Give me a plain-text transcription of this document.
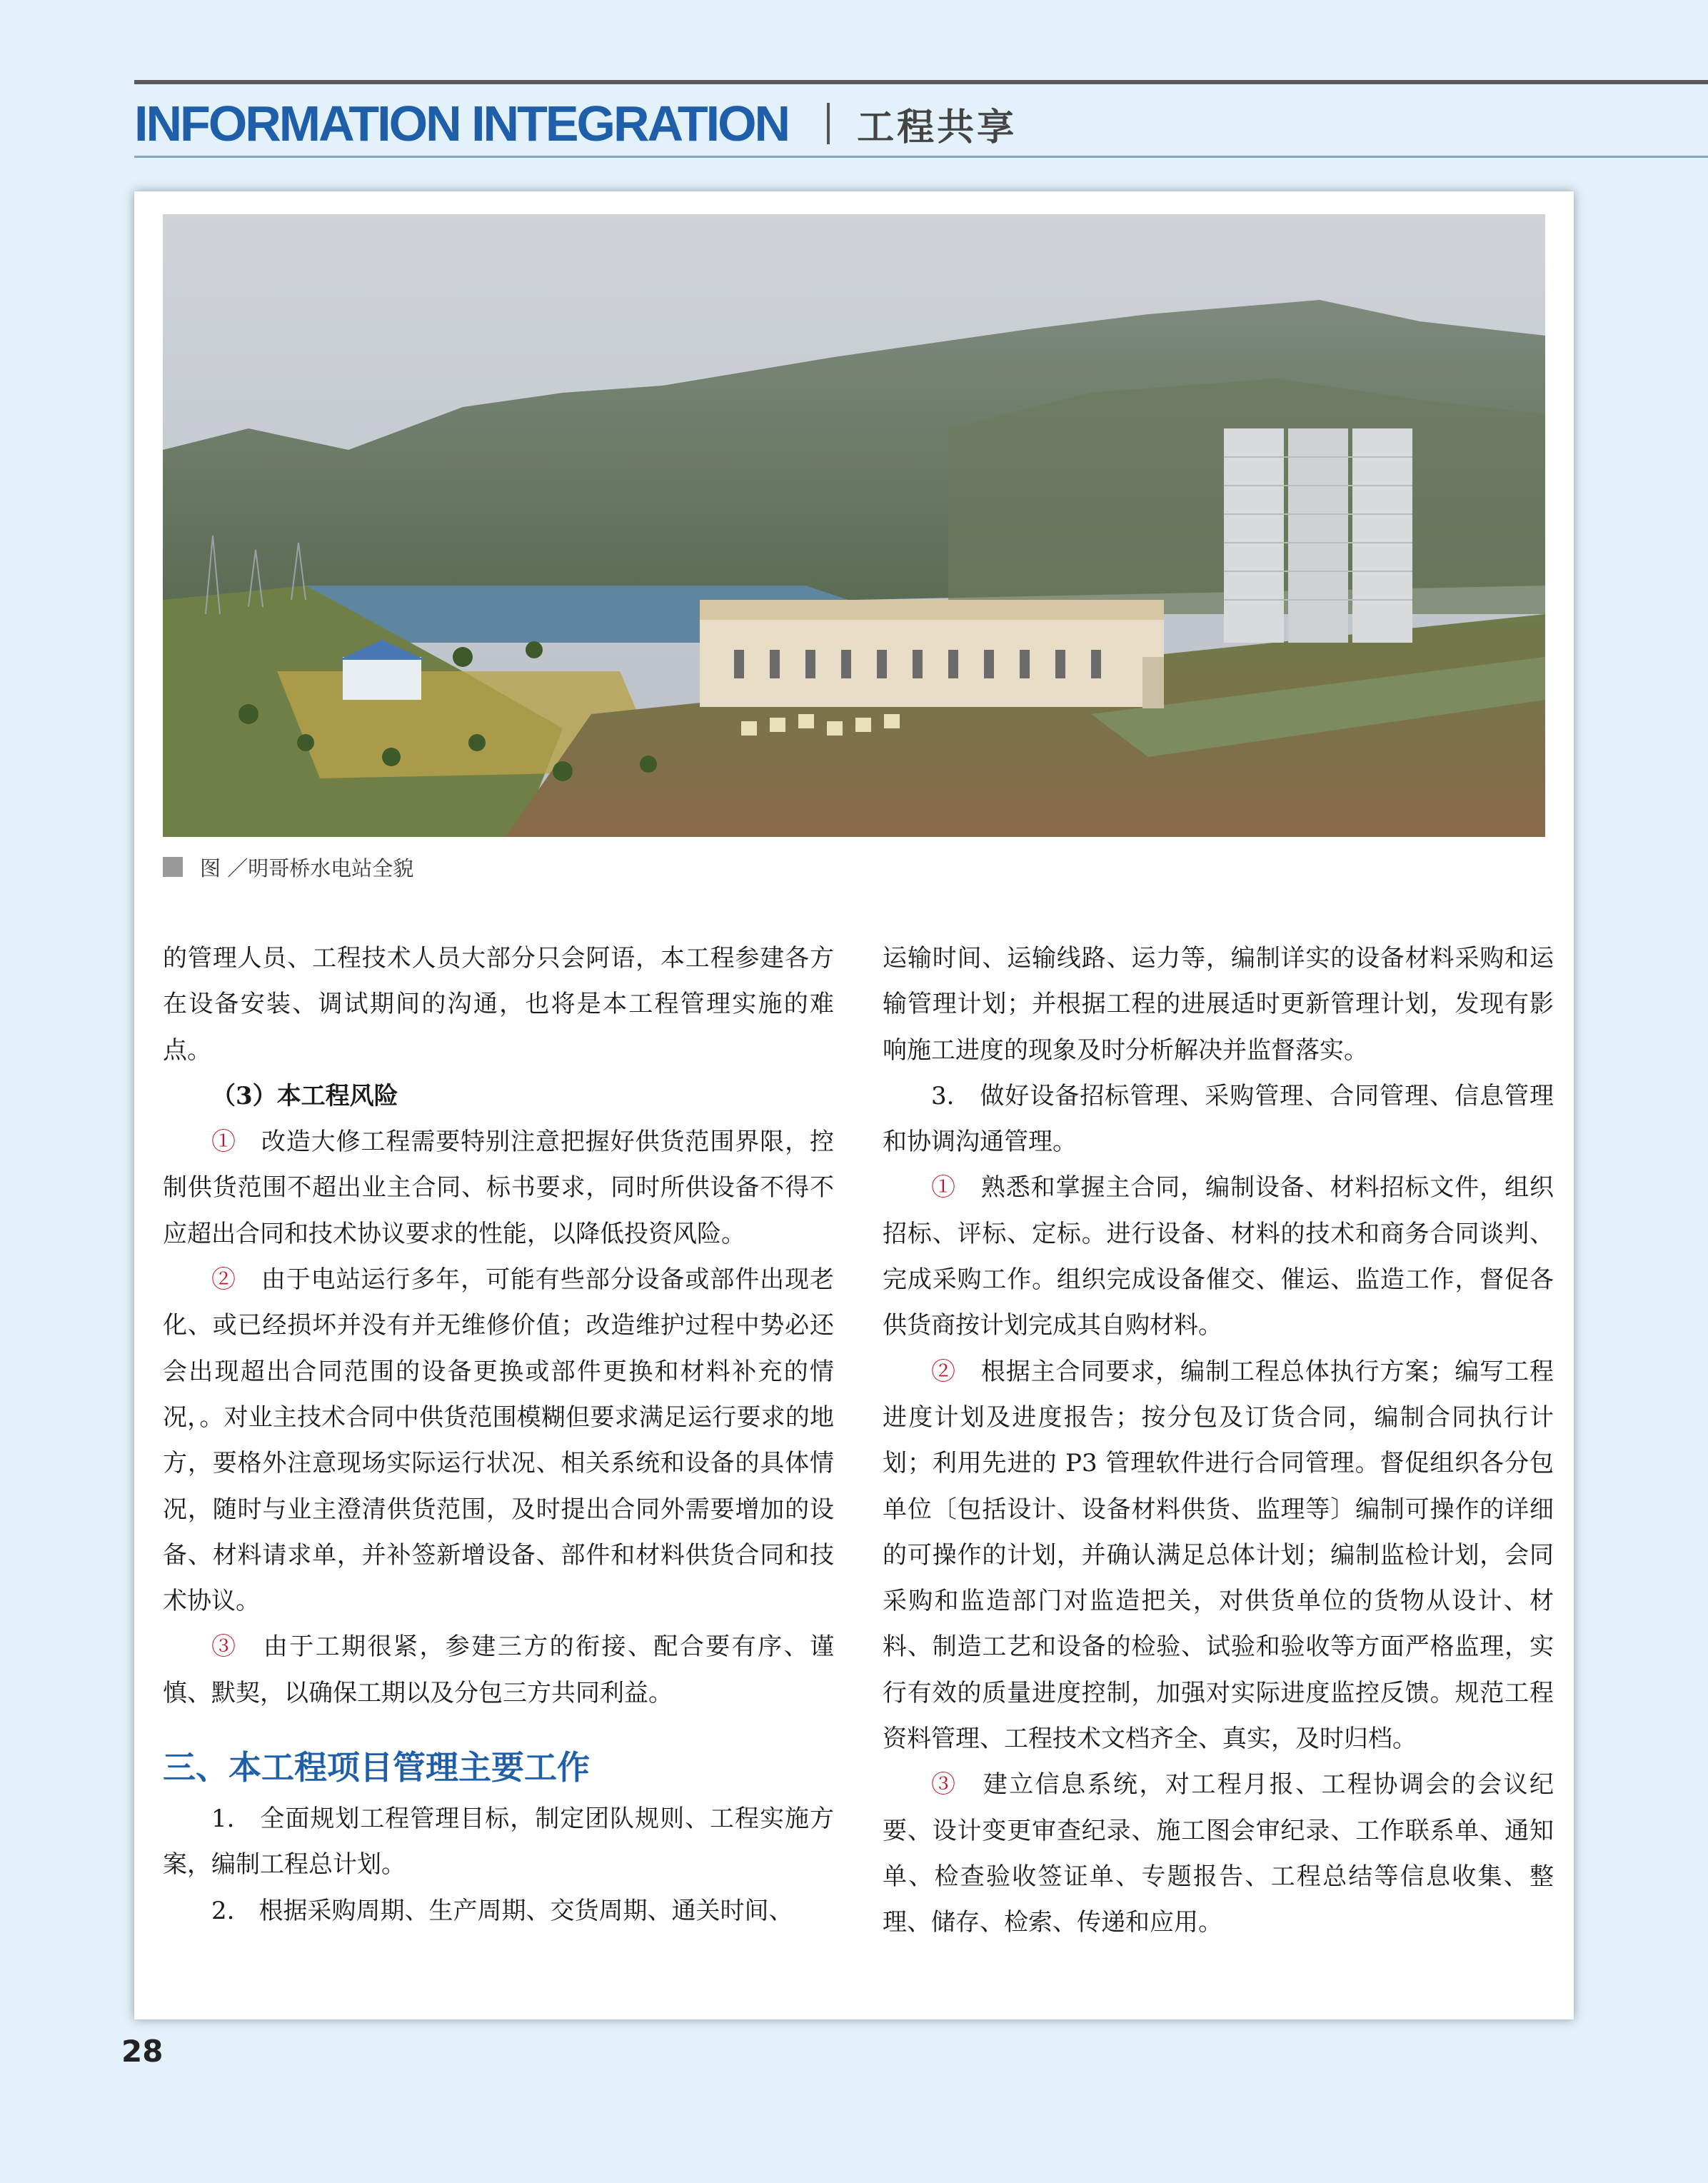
INFORMATION INTEGRATION 工程共享
图 ／明哥桥水电站全貌

的管理人员、工程技术人员大部分只会阿语，本工程参建各方在设备安装、调试期间的沟通，也将是本工程管理实施的难点。

（3）本工程风险

①　改造大修工程需要特别注意把握好供货范围界限，控制供货范围不超出业主合同、标书要求，同时所供设备不得不应超出合同和技术协议要求的性能，以降低投资风险。

②　由于电站运行多年，可能有些部分设备或部件出现老化、或已经损坏并没有并无维修价值；改造维护过程中势必还会出现超出合同范围的设备更换或部件更换和材料补充的情况，。对业主技术合同中供货范围模糊但要求满足运行要求的地方，要格外注意现场实际运行状况、相关系统和设备的具体情况，随时与业主澄清供货范围，及时提出合同外需要增加的设备、材料请求单，并补签新增设备、部件和材料供货合同和技术协议。

③　由于工期很紧，参建三方的衔接、配合要有序、谨慎、默契，以确保工期以及分包三方共同利益。

三、本工程项目管理主要工作

1.　全面规划工程管理目标，制定团队规则、工程实施方案，编制工程总计划。

2.　根据采购周期、生产周期、交货周期、通关时间、

运输时间、运输线路、运力等，编制详实的设备材料采购和运输管理计划；并根据工程的进展适时更新管理计划，发现有影响施工进度的现象及时分析解决并监督落实。

3.　做好设备招标管理、采购管理、合同管理、信息管理和协调沟通管理。

①　熟悉和掌握主合同，编制设备、材料招标文件，组织招标、评标、定标。进行设备、材料的技术和商务合同谈判、完成采购工作。组织完成设备催交、催运、监造工作，督促各供货商按计划完成其自购材料。

②　根据主合同要求，编制工程总体执行方案；编写工程进度计划及进度报告；按分包及订货合同，编制合同执行计划；利用先进的 P3 管理软件进行合同管理。督促组织各分包单位〔包括设计、设备材料供货、监理等〕编制可操作的详细的可操作的计划，并确认满足总体计划；编制监检计划，会同采购和监造部门对监造把关，对供货单位的货物从设计、材料、制造工艺和设备的检验、试验和验收等方面严格监理，实行有效的质量进度控制，加强对实际进度监控反馈。规范工程资料管理、工程技术文档齐全、真实，及时归档。

③　建立信息系统，对工程月报、工程协调会的会议纪要、设计变更审查纪录、施工图会审纪录、工作联系单、通知单、检查验收签证单、专题报告、工程总结等信息收集、整理、储存、检索、传递和应用。

28
